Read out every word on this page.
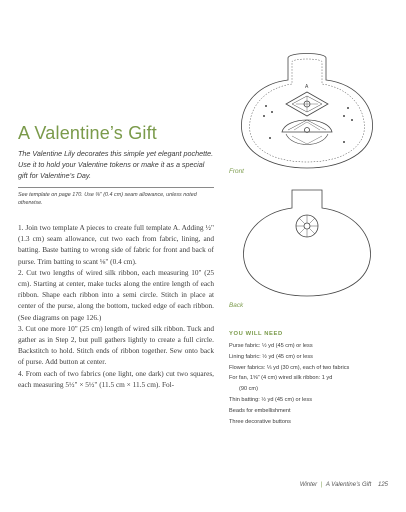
A Valentine’s Gift
The Valentine Lily decorates this simple yet elegant pochette. Use it to hold your Valentine tokens or make it as a special gift for Valentine’s Day.
See template on page 170. Use ⅜" (0.4 cm) seam allowance, unless noted otherwise.

1. Join two template A pieces to create full template A. Adding ½" (1.3 cm) seam allowance, cut two each from fabric, lining, and batting. Baste batting to wrong side of fabric for front and back of purse. Trim batting to scant ⅛" (0.4 cm).

2. Cut two lengths of wired silk ribbon, each measuring 10" (25 cm). Starting at center, make tucks along the entire length of each ribbon. Shape each ribbon into a semi circle. Stitch in place at center of the purse, along the bottom, tucked edge of each ribbon. (See diagrams on page 126.)

3. Cut one more 10" (25 cm) length of wired silk ribbon. Tuck and gather as in Step 2, but pull gathers lightly to create a full circle. Backstitch to hold. Stitch ends of ribbon together. Sew onto back of purse. Add button at center.

4. From each of two fabrics (one light, one dark) cut two squares, each measuring 5½" × 5½" (11.5 cm × 11.5 cm). Fol-

A
Front
Back
YOU WILL NEED
Purse fabric: ½ yd (45 cm) or less
Lining fabric: ½ yd (45 cm) or less
Flower fabrics: ⅓ yd (30 cm), each of two fabrics
For fan, 1⅝" (4 cm) wired silk ribbon: 1 yd
(90 cm)
Thin batting: ½ yd (45 cm) or less
Beads for embellishment
Three decorative buttons
Winter | A Valentine’s Gift 125
